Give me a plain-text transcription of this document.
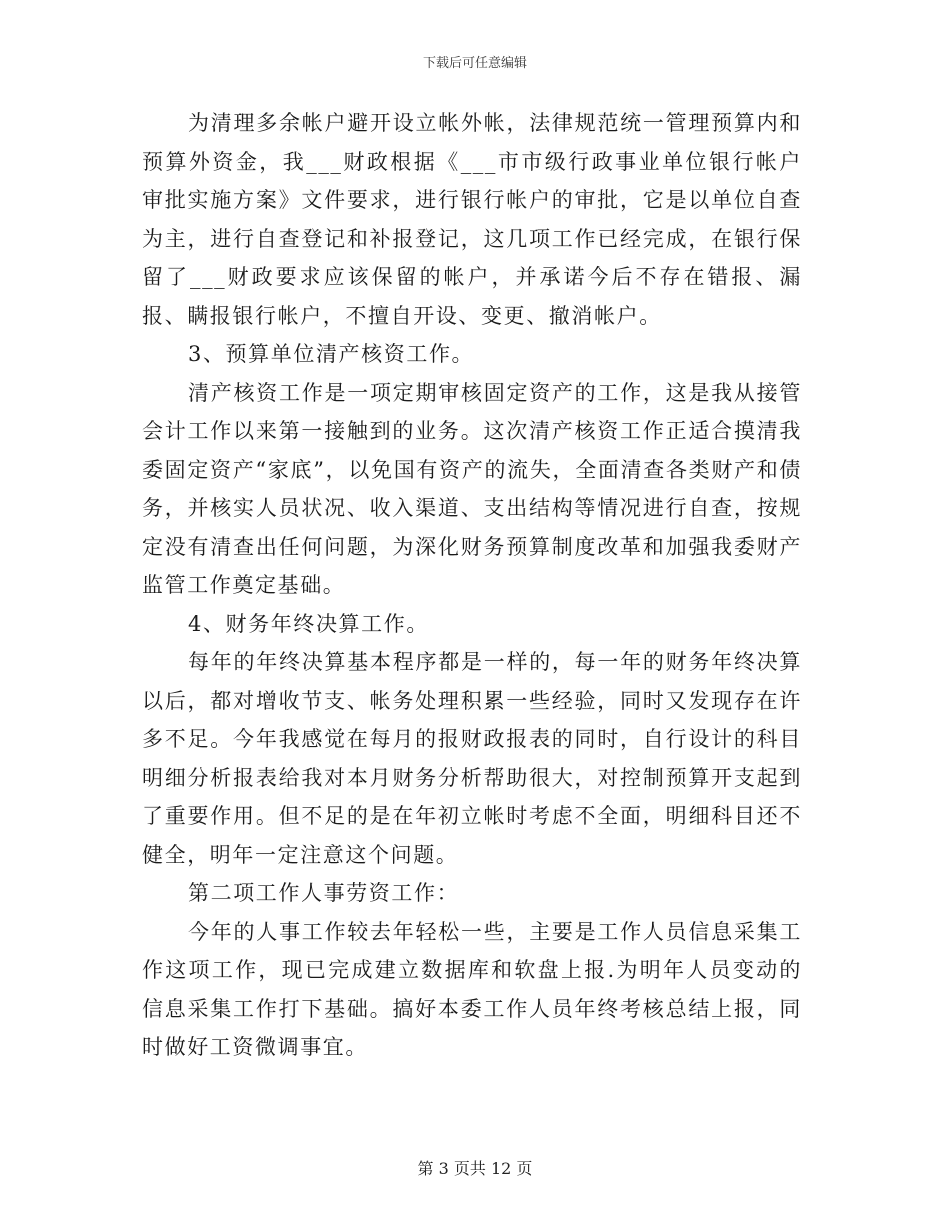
下载后可任意编辑

为清理多余帐户避开设立帐外帐，法律规范统一管理预算内和预算外资金，我___财政根据《___市市级行政事业单位银行帐户审批实施方案》文件要求，进行银行帐户的审批，它是以单位自查为主，进行自查登记和补报登记，这几项工作已经完成，在银行保留了___财政要求应该保留的帐户，并承诺今后不存在错报、漏报、瞒报银行帐户，不擅自开设、变更、撤消帐户。

3、预算单位清产核资工作。

清产核资工作是一项定期审核固定资产的工作，这是我从接管会计工作以来第一接触到的业务。这次清产核资工作正适合摸清我委固定资产“家底”，以免国有资产的流失，全面清查各类财产和债务，并核实人员状况、收入渠道、支出结构等情况进行自查，按规定没有清查出任何问题，为深化财务预算制度改革和加强我委财产监管工作奠定基础。

4、财务年终决算工作。

每年的年终决算基本程序都是一样的，每一年的财务年终决算以后，都对增收节支、帐务处理积累一些经验，同时又发现存在许多不足。今年我感觉在每月的报财政报表的同时，自行设计的科目明细分析报表给我对本月财务分析帮助很大，对控制预算开支起到了重要作用。但不足的是在年初立帐时考虑不全面，明细科目还不健全，明年一定注意这个问题。

第二项工作人事劳资工作：

今年的人事工作较去年轻松一些，主要是工作人员信息采集工作这项工作，现已完成建立数据库和软盘上报.为明年人员变动的信息采集工作打下基础。搞好本委工作人员年终考核总结上报，同时做好工资微调事宜。

第 3 页共 12 页
